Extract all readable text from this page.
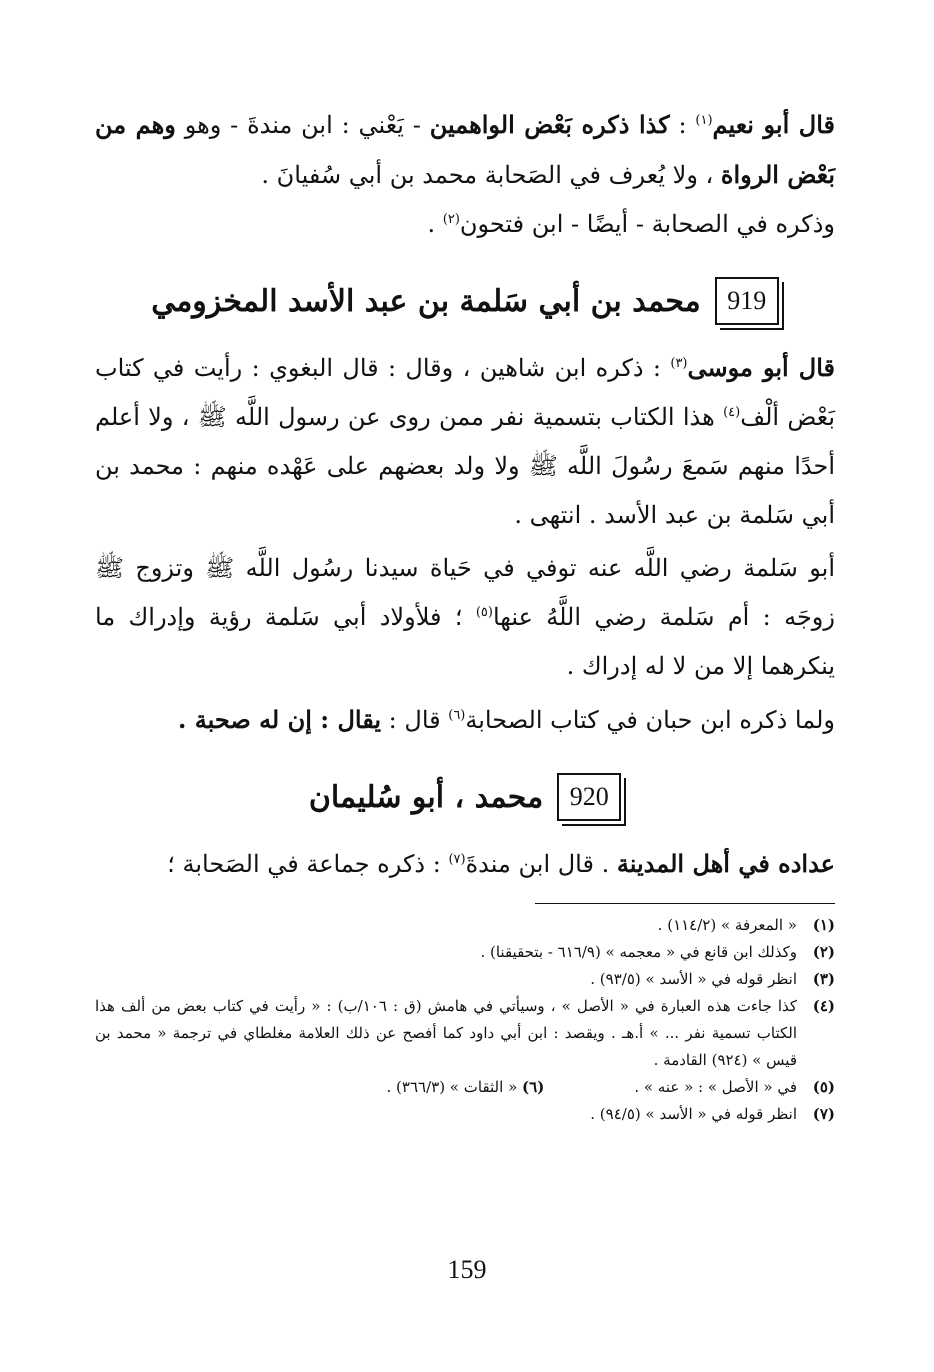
قال أبو نعيم$^{(١)}$ : كذا ذكره بَعْض الواهمين - يَعْني : ابن مندةَ - وهو وهم من بَعْض الرواة ، ولا يُعرف في الصَحابة محمد بن أبي سُفيانَ .

وذكره في الصحابة - أيضًا - ابن فتحون$^{(٢)}$ .

919
محمد بن أبي سَلمة بن عبد الأسد المخزومي

قال أبو موسى$^{(٣)}$ : ذكره ابن شاهين ، وقال : قال البغوي : رأيت في كتاب بَعْض ألْف$^{(٤)}$ هذا الكتاب بتسمية نفر ممن روى عن رسول اللَّه ﷺ ، ولا أعلم أحدًا منهم سَمعَ رسُولَ اللَّه ﷺ ولا ولد بعضهم على عَهْده منهم : محمد بن أبي سَلمة بن عبد الأسد . انتهى .

أبو سَلمة رضي اللَّه عنه توفي في حَياة سيدنا رسُول اللَّه ﷺ وتزوج ﷺ زوجَه : أم سَلمة رضي اللَّهُ عنها$^{(٥)}$ ؛ فلأولاد أبي سَلمة رؤية وإدراك ما ينكرهما إلا من لا له إدراك .

ولما ذكره ابن حبان في كتاب الصحابة$^{(٦)}$ قال : يقال : إن له صحبة .

920
محمد ، أبو سُليمان

عداده في أهل المدينة . قال ابن مندةَ$^{(٧)}$ : ذكره جماعة في الصَحابة ؛

(١)
« المعرفة » (١١٤/٢) .
(٢)
وكذلك ابن قانع في « معجمه » (٦١٦/٩ - بتحقيقنا) .
(٣)
انظر قوله في « الأسد » (٩٣/٥) .
(٤)
كذا جاءت هذه العبارة في « الأصل » ، وسيأتي في هامش (ق : ١٠٦/ب) : « رأيت في كتاب بعض من ألف هذا الكتاب تسمية نفر ... » أ.هـ . ويقصد : ابن أبي داود كما أفصح عن ذلك العلامة مغلطاي في ترجمة « محمد بن قيس » (٩٢٤) القادمة .
(٥)
في « الأصل » : « عنه » .
(٦) « الثقات » (٣٦٦/٣) .
(٧)
انظر قوله في « الأسد » (٩٤/٥) .
159
